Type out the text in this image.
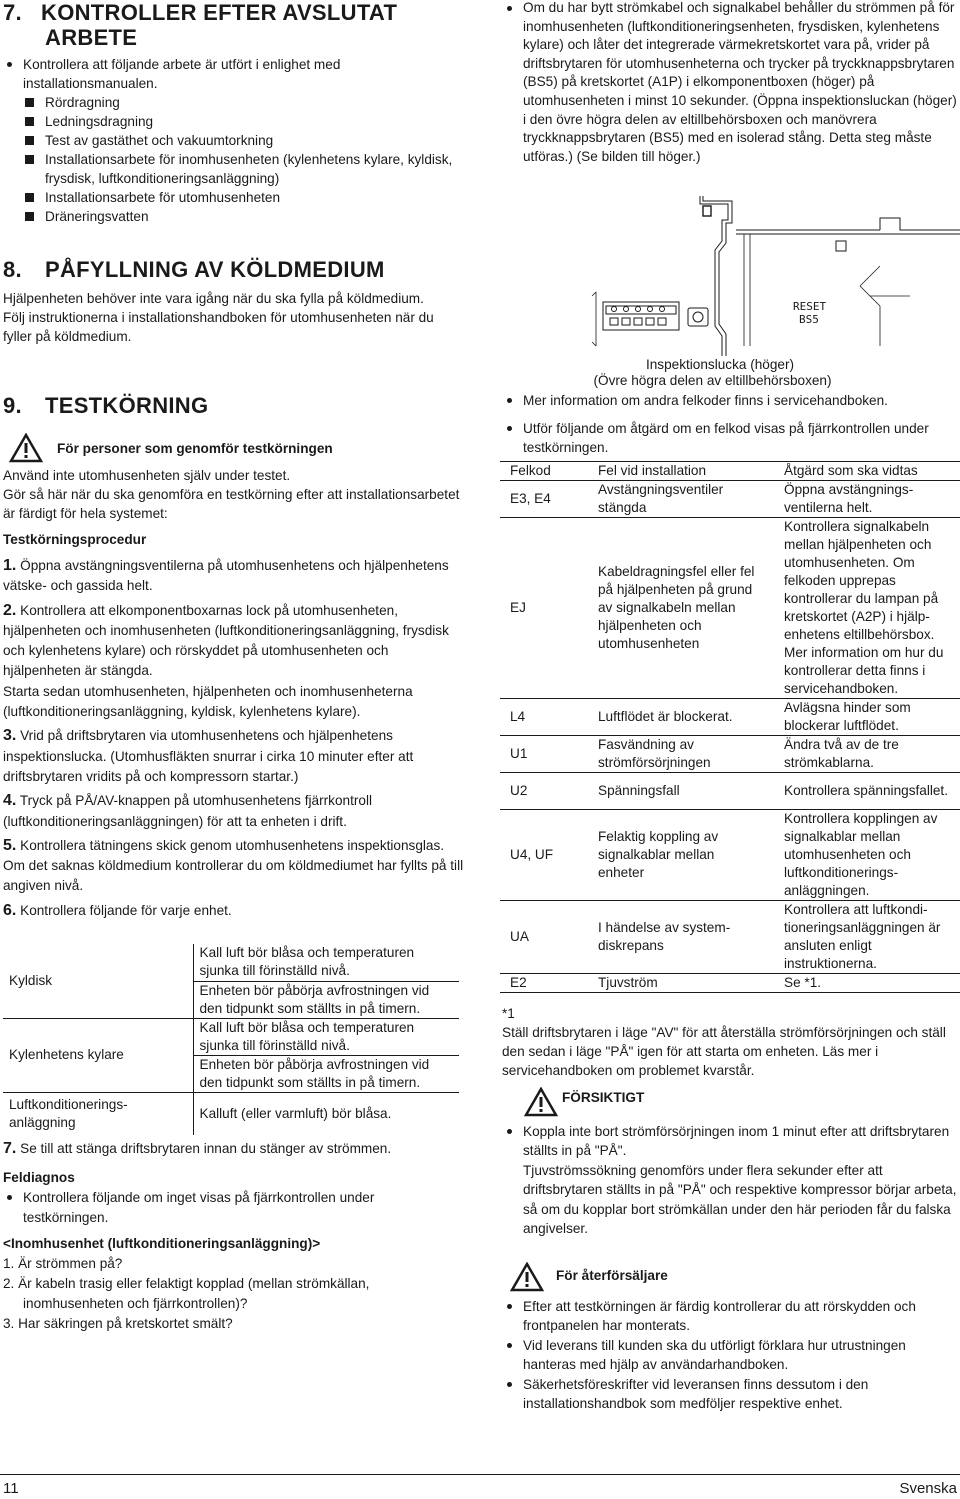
7. KONTROLLER EFTER AVSLUTAT
ARBETE

Kontrollera att följande arbete är utfört i enlighet med installationsmanualen.

Rördragning
Ledningsdragning
Test av gastäthet och vakuumtorkning
Installationsarbete för inomhusenheten (kylenhetens kylare, kyldisk, frysdisk, luftkonditioneringsanläggning)
Installationsarbete för utomhusenheten
Dräneringsvatten
8. PÅFYLLNING AV KÖLDMEDIUM

Hjälpenheten behöver inte vara igång när du ska fylla på köldmedium.

Följ instruktionerna i installationshandboken för utomhusenheten när du fyller på köldmedium.

9. TESTKÖRNING
För personer som genomför testkörningen

Använd inte utomhusenheten själv under testet.

Gör så här när du ska genomföra en testkörning efter att installationsarbetet är färdigt för hela systemet:

Testkörningsprocedur

1. Öppna avstängningsventilerna på utomhusenhetens och hjälpenhetens vätske- och gassida helt.

2. Kontrollera att elkomponentboxarnas lock på utomhusenheten, hjälpenheten och inomhusenheten (luftkonditioneringsanläggning, frysdisk och kylenhetens kylare) och rörskyddet på utomhusenheten och hjälpenheten är stängda.

Starta sedan utomhusenheten, hjälpenheten och inomhusenheterna (luftkonditioneringsanläggning, kyldisk, kylenhetens kylare).

3. Vrid på driftsbrytaren via utomhusenhetens och hjälpenhetens inspektionslucka. (Utomhusfläkten snurrar i cirka 10 minuter efter att driftsbrytaren vridits på och kompressorn startar.)

4. Tryck på PÅ/AV-knappen på utomhusenhetens fjärrkontroll (luftkonditioneringsanläggningen) för att ta enheten i drift.

5. Kontrollera tätningens skick genom utomhusenhetens inspektionsglas. Om det saknas köldmedium kontrollerar du om köldmediumet har fyllts på till angiven nivå.

6. Kontrollera följande för varje enhet.

Kyldisk	Kall luft bör blåsa och temperaturen sjunka till förinställd nivå.
	Enheten bör påbörja avfrostningen vid den tidpunkt som ställts in på timern.
Kylenhetens kylare	Kall luft bör blåsa och temperaturen sjunka till förinställd nivå.
	Enheten bör påbörja avfrostningen vid den tidpunkt som ställts in på timern.
Luftkonditionerings-anläggning	Kalluft (eller varmluft) bör blåsa.

7. Se till att stänga driftsbrytaren innan du stänger av strömmen.

Feldiagnos

Kontrollera följande om inget visas på fjärrkontrollen under testkörningen.

<Inomhusenhet (luftkonditioneringsanläggning)>

1. Är strömmen på?

2. Är kabeln trasig eller felaktigt kopplad (mellan strömkällan, inomhusenheten och fjärrkontrollen)?

3. Har säkringen på kretskortet smält?

Om du har bytt strömkabel och signalkabel behåller du strömmen på för inomhusenheten (luftkonditioneringsenheten, frysdisken, kylenhetens kylare) och låter det integrerade värmekretskortet vara på, vrider på driftsbrytaren för utomhusenheterna och trycker på tryckknappsbrytaren (BS5) på kretskortet (A1P) i elkomponentboxen (höger) på utomhusenheten i minst 10 sekunder. (Öppna inspektionsluckan (höger) i den övre högra delen av eltillbehörsboxen och manövrera tryckknappsbrytaren (BS5) med en isolerad stång. Detta steg måste utföras.) (Se bilden till höger.)

RESET
BS5

Inspektionslucka (höger)

(Övre högra delen av eltillbehörsboxen)

Mer information om andra felkoder finns i servicehandboken.

Utför följande om åtgärd om en felkod visas på fjärrkontrollen under testkörningen.

Felkod	Fel vid installation	Åtgärd som ska vidtas
E3, E4	Avstängningsventiler stängda	Öppna avstängningsventilerna helt.
EJ	Kabeldragningsfel eller fel på hjälpenheten på grund av signalkabeln mellan hjälpenheten och utomhusenheten	Kontrollera signalkabeln mellan hjälpenheten och utomhusenheten. Om felkoden upprepas kontrollerar du lampan på kretskortet (A2P) i hjälpenhetens eltillbehörsbox. Mer information om hur du kontrollerar detta finns i servicehandboken.
L4	Luftflödet är blockerat.	Avlägsna hinder som blockerar luftflödet.
U1	Fasvändning av strömförsörjningen	Ändra två av de tre strömkablarna.
U2	Spänningsfall	Kontrollera spänningsfallet.
U4, UF	Felaktig koppling av signalkablar mellan enheter	Kontrollera kopplingen av signalkablar mellan utomhusenheten och luftkonditioneringsanläggningen.
UA	I händelse av systemdiskrepans	Kontrollera att luftkonditioneringsanläggningen är ansluten enligt instruktionerna.
E2	Tjuvström	Se *1.

*1

Ställ driftsbrytaren i läge "AV" för att återställa strömförsörjningen och ställ den sedan i läge "PÅ" igen för att starta om enheten. Läs mer i servicehandboken om problemet kvarstår.

FÖRSIKTIGT

Koppla inte bort strömförsörjningen inom 1 minut efter att driftsbrytaren ställts in på "PÅ".

Tjuvströmssökning genomförs under flera sekunder efter att driftsbrytaren ställts in på "PÅ" och respektive kompressor börjar arbeta, så om du kopplar bort strömkällan under den här perioden får du falska angivelser.

För återförsäljare

Efter att testkörningen är färdig kontrollerar du att rörskydden och frontpanelen har monterats.

Vid leverans till kunden ska du utförligt förklara hur utrustningen hanteras med hjälp av användarhandboken.

Säkerhetsföreskrifter vid leveransen finns dessutom i den installationshandbok som medföljer respektive enhet.

11	Svenska
